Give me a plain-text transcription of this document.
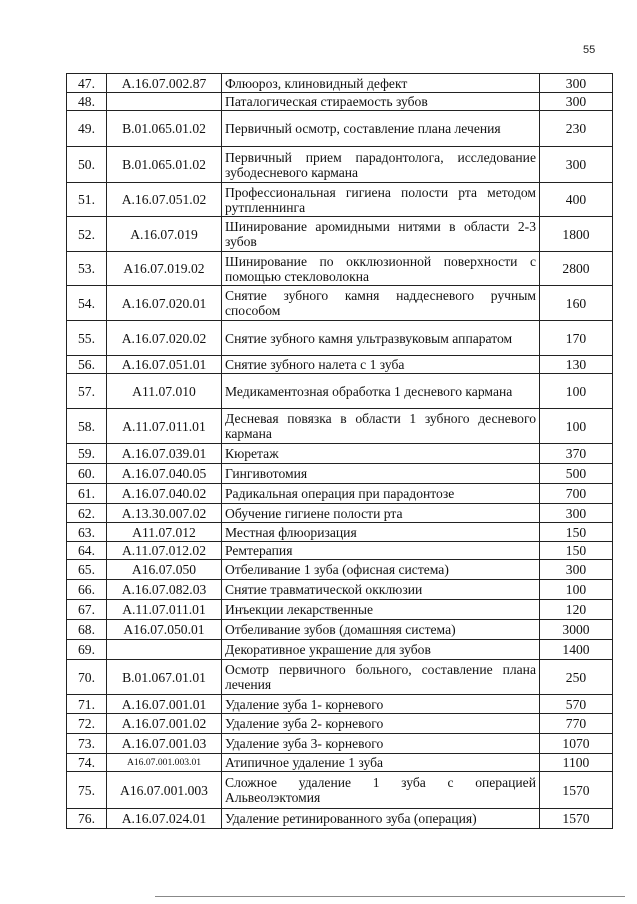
55
47.	A.16.07.002.87	Флюороз, клиновидный дефект	300
48.		Паталогическая стираемость зубов	300
49.	B.01.065.01.02	Первичный осмотр, составление плана лечения	230
50.	B.01.065.01.02	Первичный прием парадонтолога, исследование зубодесневого кармана	300
51.	A.16.07.051.02	Профессиональная гигиена полости рта методом рутпленнинга	400
52.	A.16.07.019	Шинирование аромидными нитями в области 2-3 зубов	1800
53.	A16.07.019.02	Шинирование по окклюзионной поверхности с помощью стекловолокна	2800
54.	A.16.07.020.01	Снятие зубного камня наддесневого ручным способом	160
55.	A.16.07.020.02	Снятие зубного камня ультразвуковым аппаратом	170
56.	A.16.07.051.01	Снятие зубного налета с 1 зуба	130
57.	A11.07.010	Медикаментозная обработка 1 десневого кармана	100
58.	A.11.07.011.01	Десневая повязка в области 1 зубного десневого кармана	100
59.	A.16.07.039.01	Кюретаж	370
60.	A.16.07.040.05	Гингивотомия	500
61.	A.16.07.040.02	Радикальная операция при парадонтозе	700
62.	A.13.30.007.02	Обучение гигиене полости рта	300
63.	A11.07.012	Местная флюоризация	150
64.	A.11.07.012.02	Ремтерапия	150
65.	A16.07.050	Отбеливание 1 зуба (офисная система)	300
66.	A.16.07.082.03	Снятие травматической окклюзии	100
67.	A.11.07.011.01	Инъекции лекарственные	120
68.	A16.07.050.01	Отбеливание зубов (домашняя система)	3000
69.		Декоративное украшение для зубов	1400
70.	B.01.067.01.01	Осмотр первичного больного, составление плана лечения	250
71.	A.16.07.001.01	Удаление зуба 1- корневого	570
72.	A.16.07.001.02	Удаление зуба 2- корневого	770
73.	A.16.07.001.03	Удаление зуба 3- корневого	1070
74.	A16.07.001.003.01	Атипичное удаление 1 зуба	1100
75.	A16.07.001.003	Сложное удаление 1 зуба с операцией Альвеолэктомия	1570
76.	A.16.07.024.01	Удаление ретинированного зуба (операция)	1570
